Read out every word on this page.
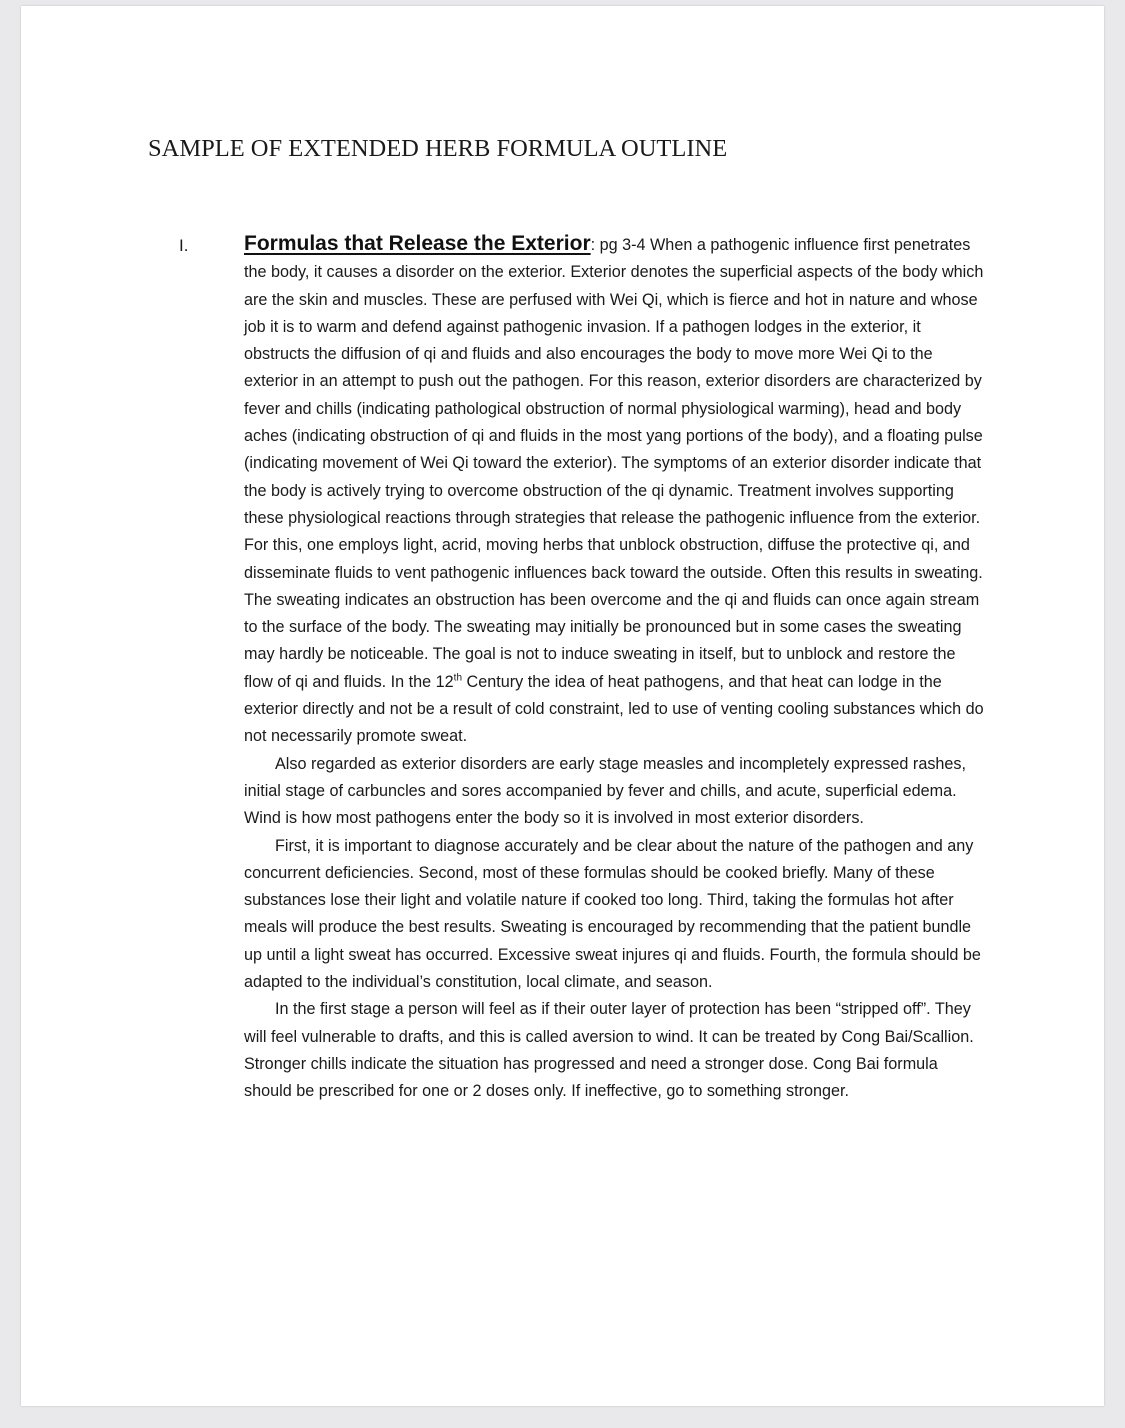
SAMPLE OF EXTENDED HERB FORMULA OUTLINE
I.	Formulas that Release the Exterior: pg 3-4 When a pathogenic influence first penetrates the body, it causes a disorder on the exterior. Exterior denotes the superficial aspects of the body which are the skin and muscles. These are perfused with Wei Qi, which is fierce and hot in nature and whose job it is to warm and defend against pathogenic invasion. If a pathogen lodges in the exterior, it obstructs the diffusion of qi and fluids and also encourages the body to move more Wei Qi to the exterior in an attempt to push out the pathogen. For this reason, exterior disorders are characterized by fever and chills (indicating pathological obstruction of normal physiological warming), head and body aches (indicating obstruction of qi and fluids in the most yang portions of the body), and a floating pulse (indicating movement of Wei Qi toward the exterior). The symptoms of an exterior disorder indicate that the body is actively trying to overcome obstruction of the qi dynamic. Treatment involves supporting these physiological reactions through strategies that release the pathogenic influence from the exterior. For this, one employs light, acrid, moving herbs that unblock obstruction, diffuse the protective qi, and disseminate fluids to vent pathogenic influences back toward the outside. Often this results in sweating. The sweating indicates an obstruction has been overcome and the qi and fluids can once again stream to the surface of the body. The sweating may initially be pronounced but in some cases the sweating may hardly be noticeable. The goal is not to induce sweating in itself, but to unblock and restore the flow of qi and fluids. In the 12th Century the idea of heat pathogens, and that heat can lodge in the exterior directly and not be a result of cold constraint, led to use of venting cooling substances which do not necessarily promote sweat.

Also regarded as exterior disorders are early stage measles and incompletely expressed rashes, initial stage of carbuncles and sores accompanied by fever and chills, and acute, superficial edema. Wind is how most pathogens enter the body so it is involved in most exterior disorders.

First, it is important to diagnose accurately and be clear about the nature of the pathogen and any concurrent deficiencies. Second, most of these formulas should be cooked briefly. Many of these substances lose their light and volatile nature if cooked too long. Third, taking the formulas hot after meals will produce the best results. Sweating is encouraged by recommending that the patient bundle up until a light sweat has occurred. Excessive sweat injures qi and fluids. Fourth, the formula should be adapted to the individual’s constitution, local climate, and season.

In the first stage a person will feel as if their outer layer of protection has been “stripped off”. They will feel vulnerable to drafts, and this is called aversion to wind. It can be treated by Cong Bai/Scallion. Stronger chills indicate the situation has progressed and need a stronger dose. Cong Bai formula should be prescribed for one or 2 doses only. If ineffective, go to something stronger.
